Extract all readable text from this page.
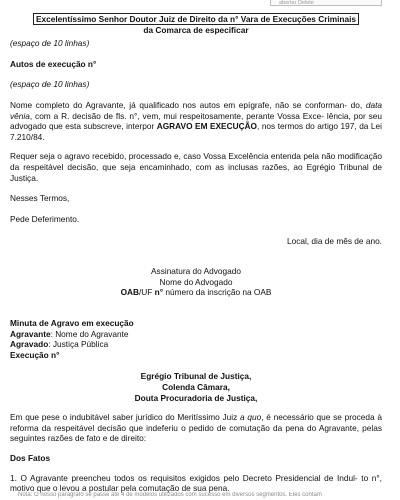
abertar Delete
Excelentíssimo Senhor Doutor Juiz de Direito da n° Vara de Execuções Criminais
da Comarca de especificar
(espaço de 10 linhas)
Autos de execução n°
(espaço de 10 linhas)

Nome completo do Agravante, já qualificado nos autos em epígrafe, não se conforman- do, data vênia, com a R. decisão de fls. n°, vem, mui respeitosamente, perante Vossa Exce- lência, por seu advogado que esta subscreve, interpor AGRAVO EM EXECUÇÃO, nos termos do artigo 197, da Lei 7.210/84.

Requer seja o agravo recebido, processado e, caso Vossa Excelência entenda pela não modificação da respeitável decisão, que seja encaminhado, com as inclusas razões, ao Egrégio Tribunal de Justiça.

Nesses Termos,
Pede Deferimento.
Local, dia de mês de ano.
Assinatura do Advogado
Nome do Advogado
OAB/UF n° número da inscrição na OAB
Minuta de Agravo em execução
Agravante: Nome do Agravante
Agravado: Justiça Pública
Execução n°
Egrégio Tribunal de Justiça,
Colenda Câmara,
Douta Procuradoria de Justiça,

Em que pese o indubitável saber jurídico do Meritíssimo Juiz a quo, é necessário que se proceda à reforma da respeitável decisão que indeferiu o pedido de comutação da pena do Agravante, pelas seguintes razões de fato e de direito:

Dos Fatos

1. O Agravante preencheu todos os requisitos exigidos pelo Decreto Presidencial de Indul- to n°, motivo que o levou a postular pela comutação de sua pena.

Nota: O nosso parágrafo se passe até 4 de modelos utilizados com sucesso em diversos segmentos. Eles contam
